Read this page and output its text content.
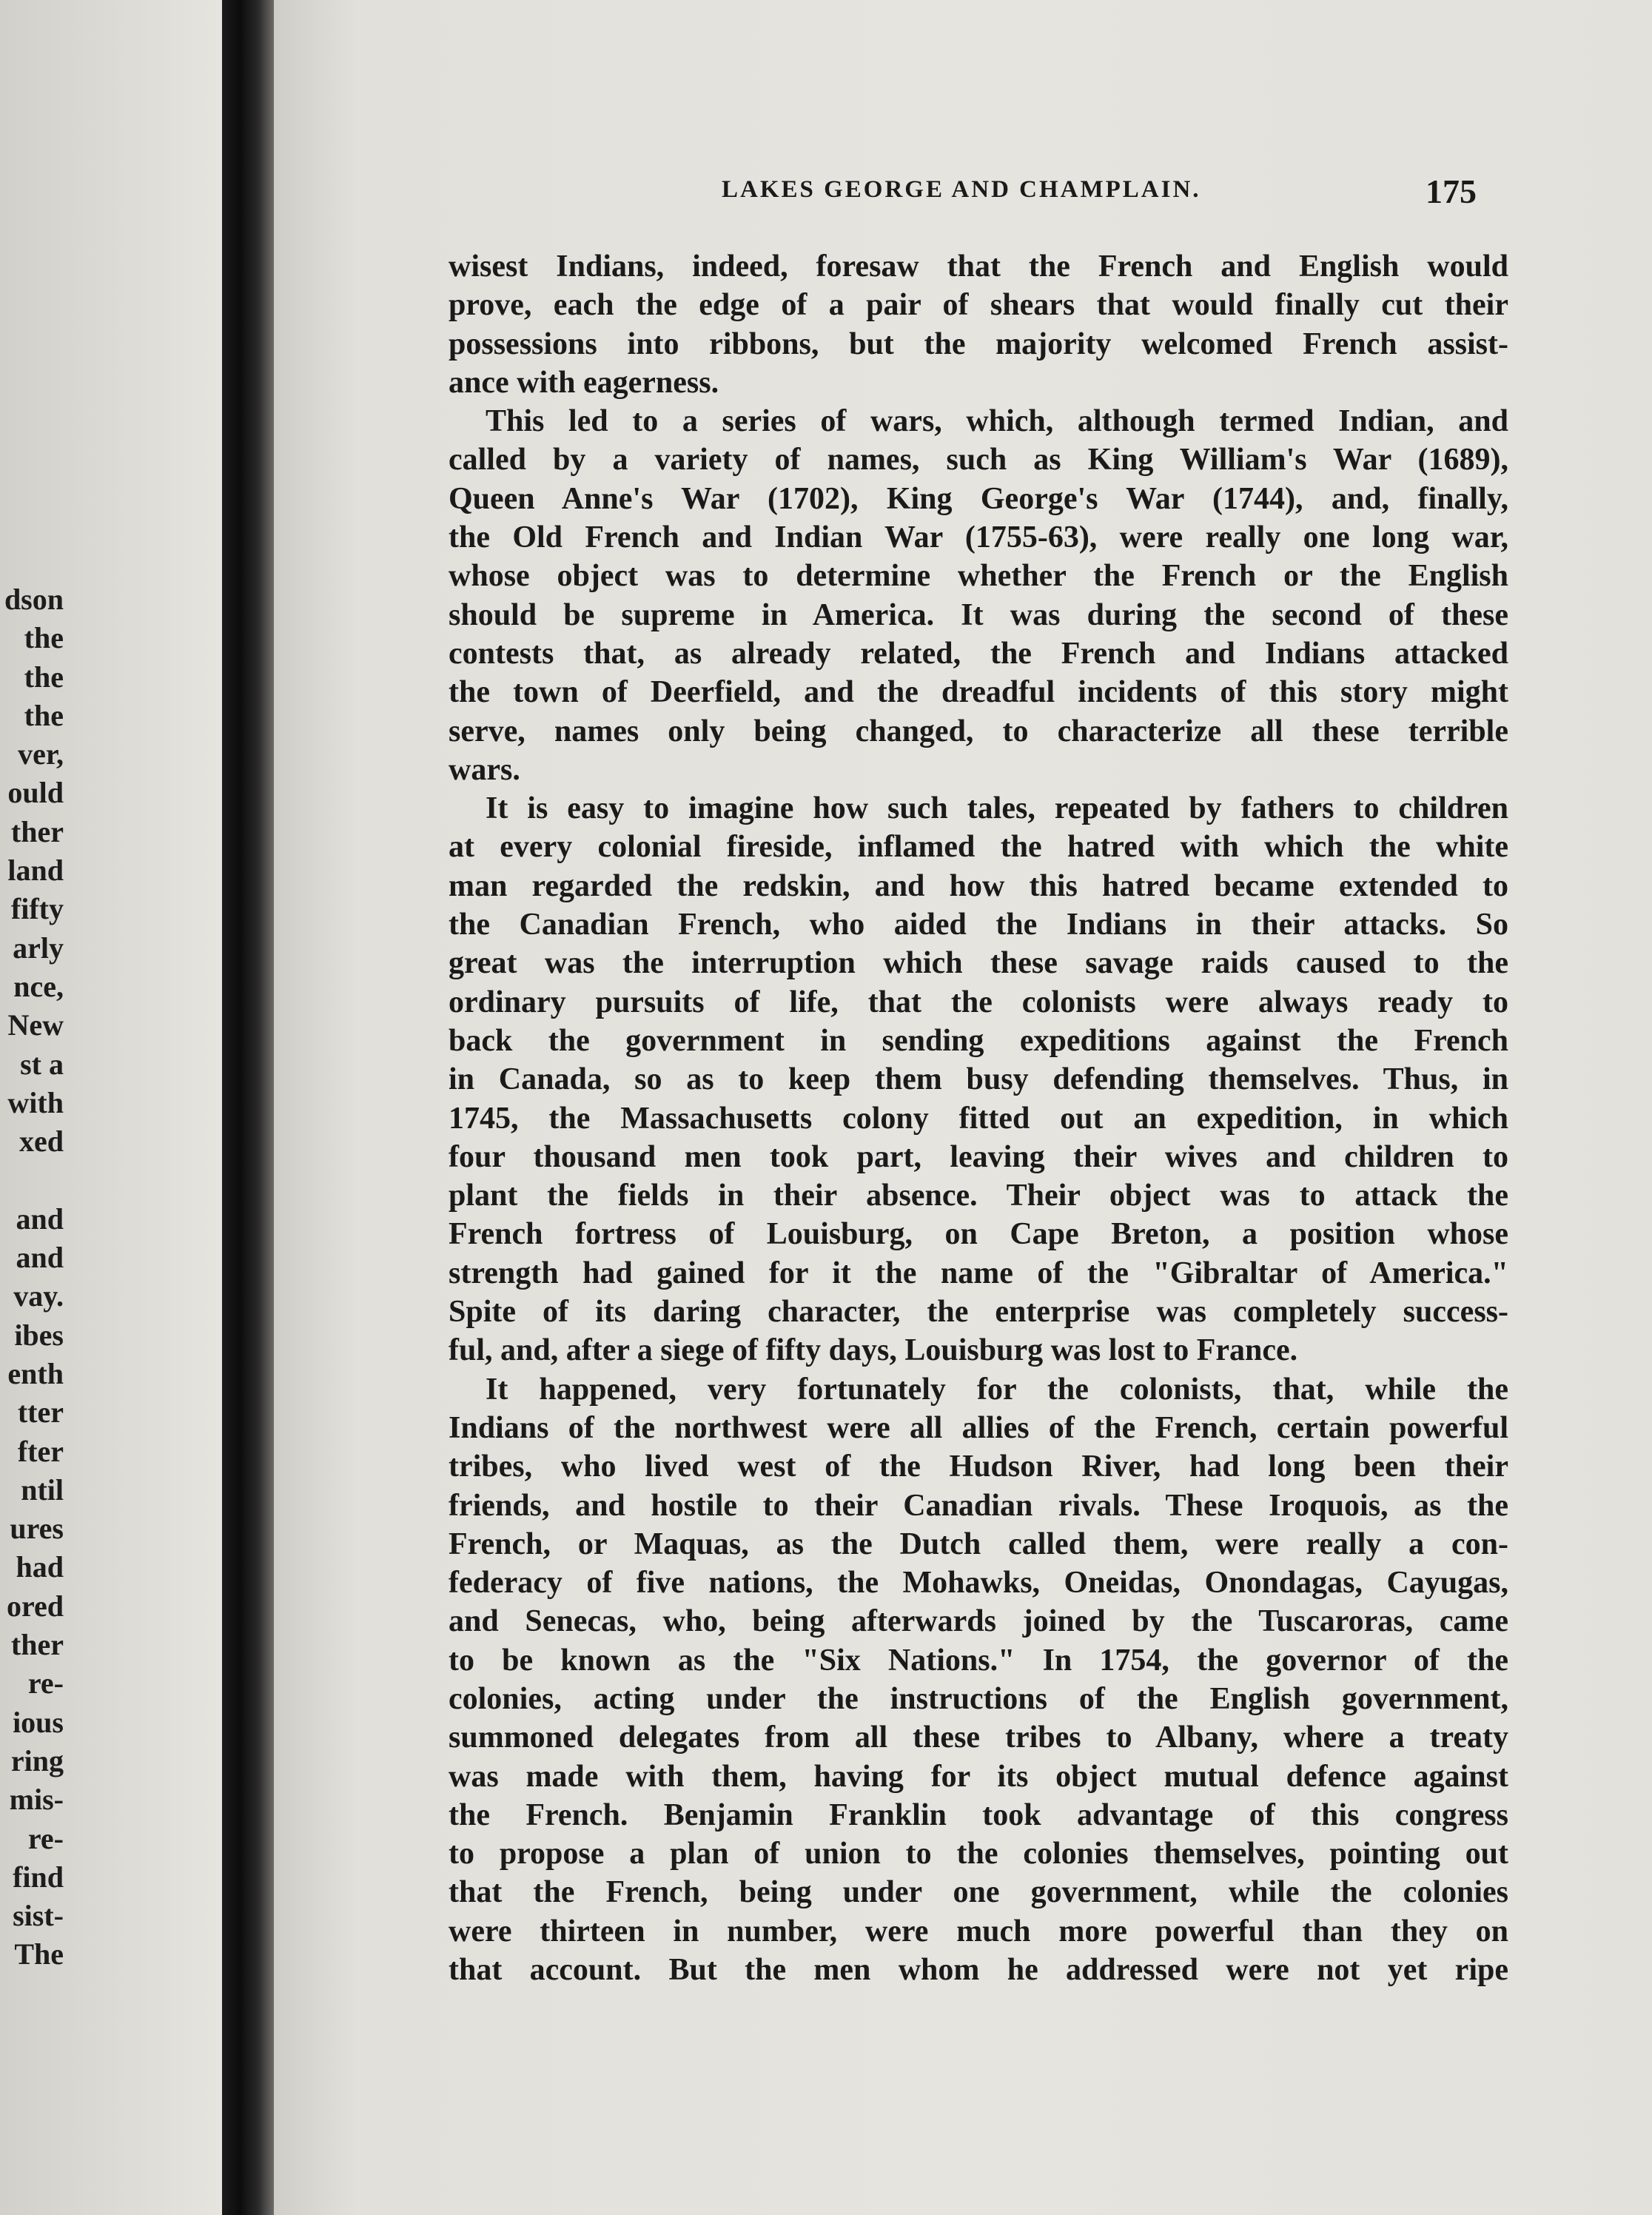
dson
the
the
the
ver,
ould
ther
land
fifty
arly
nce,
New
st a
with
xed
and
and
vay.
ibes
enth
tter
fter
ntil
ures
had
ored
ther
re-
ious
ring
mis-
re-
find
sist-
The
LAKES GEORGE AND CHAMPLAIN.	175
wisest Indians, indeed, foresaw that the French and English would
prove, each the edge of a pair of shears that would finally cut their
possessions into ribbons, but the majority welcomed French assist-
ance with eagerness.
This led to a series of wars, which, although termed Indian, and
called by a variety of names, such as King William's War (1689),
Queen Anne's War (1702), King George's War (1744), and, finally,
the Old French and Indian War (1755-63), were really one long war,
whose object was to determine whether the French or the English
should be supreme in America. It was during the second of these
contests that, as already related, the French and Indians attacked
the town of Deerfield, and the dreadful incidents of this story might
serve, names only being changed, to characterize all these terrible
wars.
It is easy to imagine how such tales, repeated by fathers to children
at every colonial fireside, inflamed the hatred with which the white
man regarded the redskin, and how this hatred became extended to
the Canadian French, who aided the Indians in their attacks. So
great was the interruption which these savage raids caused to the
ordinary pursuits of life, that the colonists were always ready to
back the government in sending expeditions against the French
in Canada, so as to keep them busy defending themselves. Thus, in
1745, the Massachusetts colony fitted out an expedition, in which
four thousand men took part, leaving their wives and children to
plant the fields in their absence. Their object was to attack the
French fortress of Louisburg, on Cape Breton, a position whose
strength had gained for it the name of the "Gibraltar of America."
Spite of its daring character, the enterprise was completely success-
ful, and, after a siege of fifty days, Louisburg was lost to France.
It happened, very fortunately for the colonists, that, while the
Indians of the northwest were all allies of the French, certain powerful
tribes, who lived west of the Hudson River, had long been their
friends, and hostile to their Canadian rivals. These Iroquois, as the
French, or Maquas, as the Dutch called them, were really a con-
federacy of five nations, the Mohawks, Oneidas, Onondagas, Cayugas,
and Senecas, who, being afterwards joined by the Tuscaroras, came
to be known as the "Six Nations." In 1754, the governor of the
colonies, acting under the instructions of the English government,
summoned delegates from all these tribes to Albany, where a treaty
was made with them, having for its object mutual defence against
the French. Benjamin Franklin took advantage of this congress
to propose a plan of union to the colonies themselves, pointing out
that the French, being under one government, while the colonies
were thirteen in number, were much more powerful than they on
that account. But the men whom he addressed were not yet ripe
